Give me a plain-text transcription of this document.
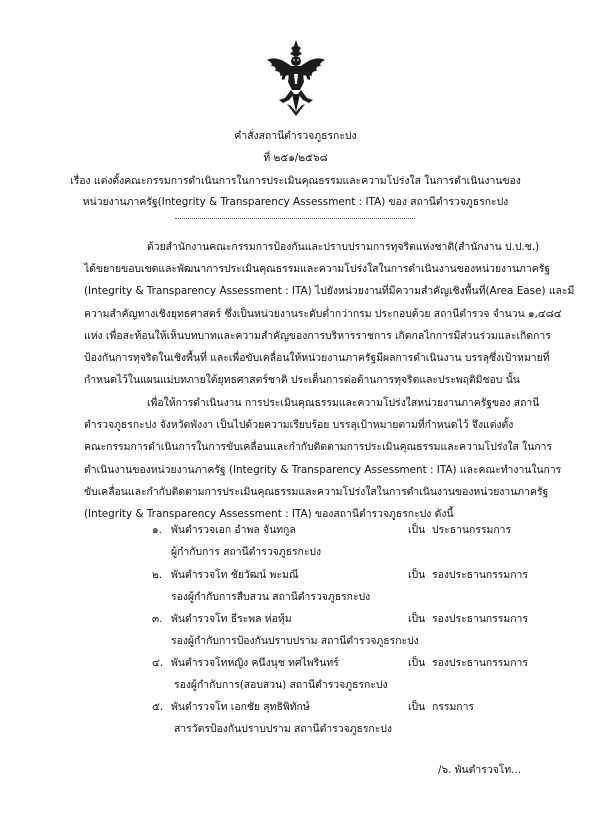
คำสั่งสถานีตำรวจภูธรกะปง
ที่ ๒๕๑/๒๕๖๘
เรื่อง แต่งตั้งคณะกรรมการดำเนินการในการประเมินคุณธรรมและความโปร่งใส ในการดำเนินงานของ
หน่วยงานภาครัฐ(Integrity & Transparency Assessment : ITA) ของ สถานีตำรวจภูธรกะปง
ด้วยสำนักงานคณะกรรมการป้องกันและปราบปรามการทุจริตแห่งชาติ(สำนักงาน ป.ป.ช.)
ได้ขยายขอบเขตและพัฒนาการประเมินคุณธรรมและความโปร่งใสในการดำเนินงานของหน่วยงานภาครัฐ
(Integrity & Transparency Assessment : ITA) ไปยังหน่วยงานที่มีความสำคัญเชิงพื้นที่(Area Ease) และมี
ความสำคัญทางเชิงยุทธศาสตร์ ซึ่งเป็นหน่วยงานระดับต่ำกว่ากรม ประกอบด้วย สถานีตำรวจ จำนวน ๑,๔๘๔
แห่ง เพื่อสะท้อนให้เห็นบทบาทและความสำคัญของการบริหารราชการ เกิดกลไกการมีส่วนร่วมและเกิดการ
ป้องกันการทุจริตในเชิงพื้นที่ และเพื่อขับเคลื่อนให้หน่วยงานภาครัฐมีผลการดำเนินงาน บรรลุซึ่งเป้าหมายที่
กำหนดไว้ในแผนแม่บทภายใต้ยุทธศาสตร์ชาติ ประเด็นการต่อต้านการทุจริตและประพฤติมิชอบ นั้น
เพื่อให้การดำเนินงาน การประเมินคุณธรรมและความโปร่งใสหน่วยงานภาครัฐของ สถานี
ตำรวจภูธรกะปง จังหวัดพังงา เป็นไปด้วยความเรียบร้อย บรรลุเป้าหมายตามที่กำหนดไว้ จึงแต่งตั้ง
คณะกรรมการดำเนินการในการขับเคลื่อนและกำกับติดตามการประเมินคุณธรรมและความโปร่งใส ในการ
ดำเนินงานของหน่วยงานภาครัฐ (Integrity & Transparency Assessment : ITA) และคณะทำงานในการ
ขับเคลื่อนและกำกับติดตามการประเมินคุณธรรมและความโปร่งใสในการดำเนินงานของหน่วยงานภาครัฐ
(Integrity & Transparency Assessment : ITA) ของสถานีตำรวจภูธรกะปง ดังนี้
๑. พันตำรวจเอก อำพล จันทกูล	เป็น ประธานกรรมการ
ผู้กำกับการ สถานีตำรวจภูธรกะปง
๒. พันตำรวจโท ชัยวัฒน์ พะมณี	เป็น รองประธานกรรมการ
รองผู้กำกับการสืบสวน สถานีตำรวจภูธรกะปง
๓. พันตำรวจโท ธีระพล ห่อหุ้ม	เป็น รองประธานกรรมการ
รองผู้กำกับการป้องกันปราบปราม สถานีตำรวจภูธรกะปง
๔. พันตำรวจโทหญิง คนึงนุช ทศไพรินทร์	เป็น รองประธานกรรมการ
รองผู้กำกับการ(สอบสวน) สถานีตำรวจภูธรกะปง
๕. พันตำรวจโท เอกชัย สุทธิพิทักษ์	เป็น กรรมการ
สารวัตรป้องกันปราบปราม สถานีตำรวจภูธรกะปง
/๖. พันตำรวจโท...
